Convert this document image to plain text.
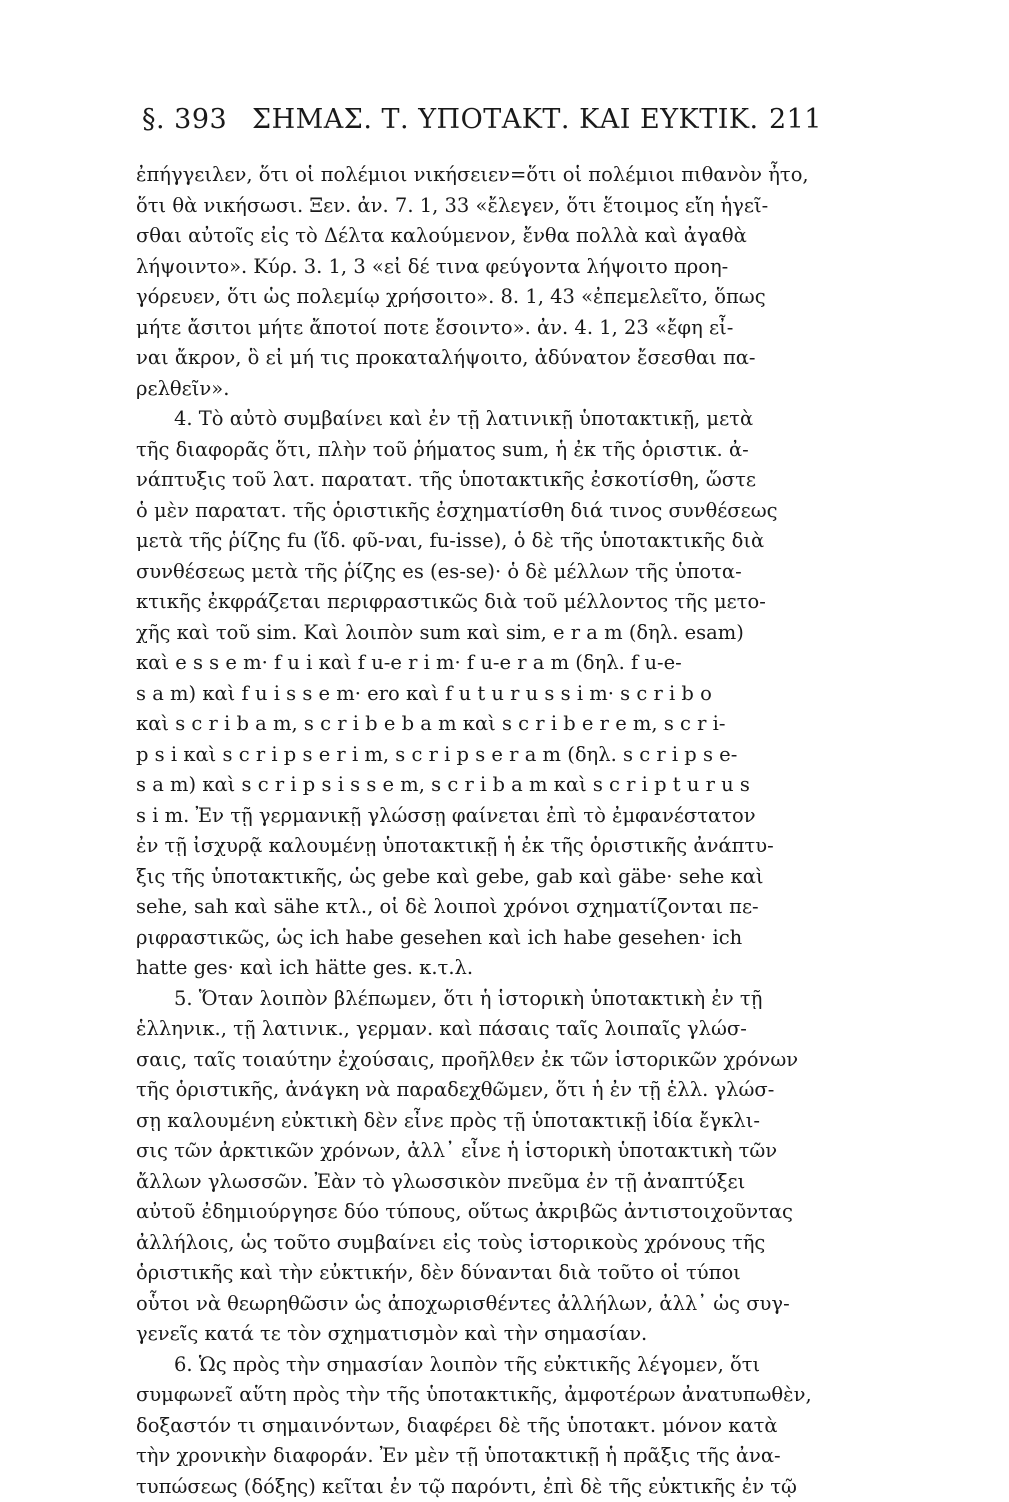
§. 393 ΣΗΜΑΣ. Τ. ΥΠΟΤΑΚΤ. ΚΑΙ ΕΥΚΤΙΚ. 211
ἐπήγγειλεν, ὅτι οἱ πολέμιοι νικήσειεν=ὅτι οἱ πολέμιοι πιθανὸν ἦτο,
ὅτι θὰ νικήσωσι. Ξεν. ἀν. 7. 1, 33 «ἔλεγεν, ὅτι ἕτοιμος εἴη ἡγεῖ-
σθαι αὐτοῖς εἰς τὸ Δέλτα καλούμενον, ἔνθα πολλὰ καὶ ἀγαθὰ
λήψοιντο». Κύρ. 3. 1, 3 «εἰ δέ τινα φεύγοντα λήψοιτο προη-
γόρευεν, ὅτι ὡς πολεμίῳ χρήσοιτο». 8. 1, 43 «ἐπεμελεῖτο, ὅπως
μήτε ἄσιτοι μήτε ἄποτοί ποτε ἔσοιντο». ἀν. 4. 1, 23 «ἔφη εἶ-
ναι ἄκρον, ὃ εἰ μή τις προκαταλήψοιτο, ἀδύνατον ἔσεσθαι πα-
ρελθεῖν».
4. Τὸ αὐτὸ συμβαίνει καὶ ἐν τῇ λατινικῇ ὑποτακτικῇ, μετὰ
τῆς διαφορᾶς ὅτι, πλὴν τοῦ ῥήματος sum, ἡ ἐκ τῆς ὁριστικ. ἀ-
νάπτυξις τοῦ λατ. παρατατ. τῆς ὑποτακτικῆς ἐσκοτίσθη, ὥστε
ὁ μὲν παρατατ. τῆς ὁριστικῆς ἐσχηματίσθη διά τινος συνθέσεως
μετὰ τῆς ῥίζης fu (ἴδ. φῦ-ναι, fu-isse), ὁ δὲ τῆς ὑποτακτικῆς διὰ
συνθέσεως μετὰ τῆς ῥίζης es (es-se)· ὁ δὲ μέλλων τῆς ὑποτα-
κτικῆς ἐκφράζεται περιφραστικῶς διὰ τοῦ μέλλοντος τῆς μετο-
χῆς καὶ τοῦ sim. Καὶ λοιπὸν sum καὶ sim, e r a m (δηλ. esam)
καὶ e s s e m· f u i καὶ f u-e r i m· f u-e r a m (δηλ. f u-e-
s a m) καὶ f u i s s e m· ero καὶ f u t u r u s s i m· s c r i b o
καὶ s c r i b a m, s c r i b e b a m καὶ s c r i b e r e m, s c r i-
p s i καὶ s c r i p s e r i m, s c r i p s e r a m (δηλ. s c r i p s e-
s a m) καὶ s c r i p s i s s e m, s c r i b a m καὶ s c r i p t u r u s
s i m. Ἐν τῇ γερμανικῇ γλώσσῃ φαίνεται ἐπὶ τὸ ἐμφανέστατον
ἐν τῇ ἰσχυρᾷ καλουμένῃ ὑποτακτικῇ ἡ ἐκ τῆς ὁριστικῆς ἀνάπτυ-
ξις τῆς ὑποτακτικῆς, ὡς gebe καὶ gebe, gab καὶ gäbe· sehe καὶ
sehe, sah καὶ sähe κτλ., οἱ δὲ λοιποὶ χρόνοι σχηματίζονται πε-
ριφραστικῶς, ὡς ich habe gesehen καὶ ich habe gesehen· ich
hatte ges· καὶ ich hätte ges. κ.τ.λ.
5. Ὅταν λοιπὸν βλέπωμεν, ὅτι ἡ ἱστορικὴ ὑποτακτικὴ ἐν τῇ
ἑλληνικ., τῇ λατινικ., γερμαν. καὶ πάσαις ταῖς λοιπαῖς γλώσ-
σαις, ταῖς τοιαύτην ἐχούσαις, προῆλθεν ἐκ τῶν ἱστορικῶν χρόνων
τῆς ὁριστικῆς, ἀνάγκη νὰ παραδεχθῶμεν, ὅτι ἡ ἐν τῇ ἑλλ. γλώσ-
σῃ καλουμένη εὐκτικὴ δὲν εἶνε πρὸς τῇ ὑποτακτικῇ ἰδία ἔγκλι-
σις τῶν ἀρκτικῶν χρόνων, ἀλλ᾽ εἶνε ἡ ἱστορικὴ ὑποτακτικὴ τῶν
ἄλλων γλωσσῶν. Ἐὰν τὸ γλωσσικὸν πνεῦμα ἐν τῇ ἀναπτύξει
αὐτοῦ ἐδημιούργησε δύο τύπους, οὕτως ἀκριβῶς ἀντιστοιχοῦντας
ἀλλήλοις, ὡς τοῦτο συμβαίνει εἰς τοὺς ἱστορικοὺς χρόνους τῆς
ὁριστικῆς καὶ τὴν εὐκτικήν, δὲν δύνανται διὰ τοῦτο οἱ τύποι
οὗτοι νὰ θεωρηθῶσιν ὡς ἀποχωρισθέντες ἀλλήλων, ἀλλ᾽ ὡς συγ-
γενεῖς κατά τε τὸν σχηματισμὸν καὶ τὴν σημασίαν.
6. Ὡς πρὸς τὴν σημασίαν λοιπὸν τῆς εὐκτικῆς λέγομεν, ὅτι
συμφωνεῖ αὕτη πρὸς τὴν τῆς ὑποτακτικῆς, ἀμφοτέρων ἀνατυπωθὲν,
δοξαστόν τι σημαινόντων, διαφέρει δὲ τῆς ὑποτακτ. μόνον κατὰ
τὴν χρονικὴν διαφοράν. Ἐν μὲν τῇ ὑποτακτικῇ ἡ πρᾶξις τῆς ἀνα-
τυπώσεως (δόξης) κεῖται ἐν τῷ παρόντι, ἐπὶ δὲ τῆς εὐκτικῆς ἐν τῷ
